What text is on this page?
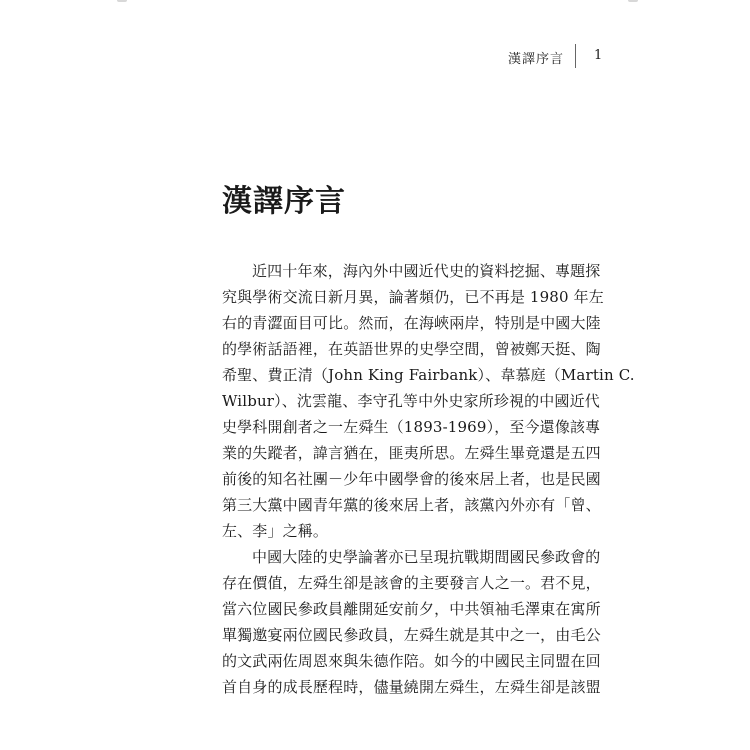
漢譯序言 1
漢譯序言

近四十年來，海內外中國近代史的資料挖掘、專題探
究與學術交流日新月異，論著頻仍，已不再是 1980 年左
右的青澀面目可比。然而，在海峽兩岸，特別是中國大陸
的學術話語裡，在英語世界的史學空間，曾被鄭天挺、陶
希聖、費正清（John King Fairbank）、韋慕庭（Martin C.
Wilbur）、沈雲龍、李守孔等中外史家所珍視的中國近代
史學科開創者之一左舜生（1893-1969），至今還像該專
業的失蹤者，諱言猶在，匪夷所思。左舜生畢竟還是五四
前後的知名社團－少年中國學會的後來居上者，也是民國
第三大黨中國青年黨的後來居上者，該黨內外亦有「曾、
左、李」之稱。

中國大陸的史學論著亦已呈現抗戰期間國民參政會的
存在價值，左舜生卻是該會的主要發言人之一。君不見，
當六位國民參政員離開延安前夕，中共領袖毛澤東在寓所
單獨邀宴兩位國民參政員，左舜生就是其中之一，由毛公
的文武兩佐周恩來與朱德作陪。如今的中國民主同盟在回
首自身的成長歷程時，儘量繞開左舜生，左舜生卻是該盟
